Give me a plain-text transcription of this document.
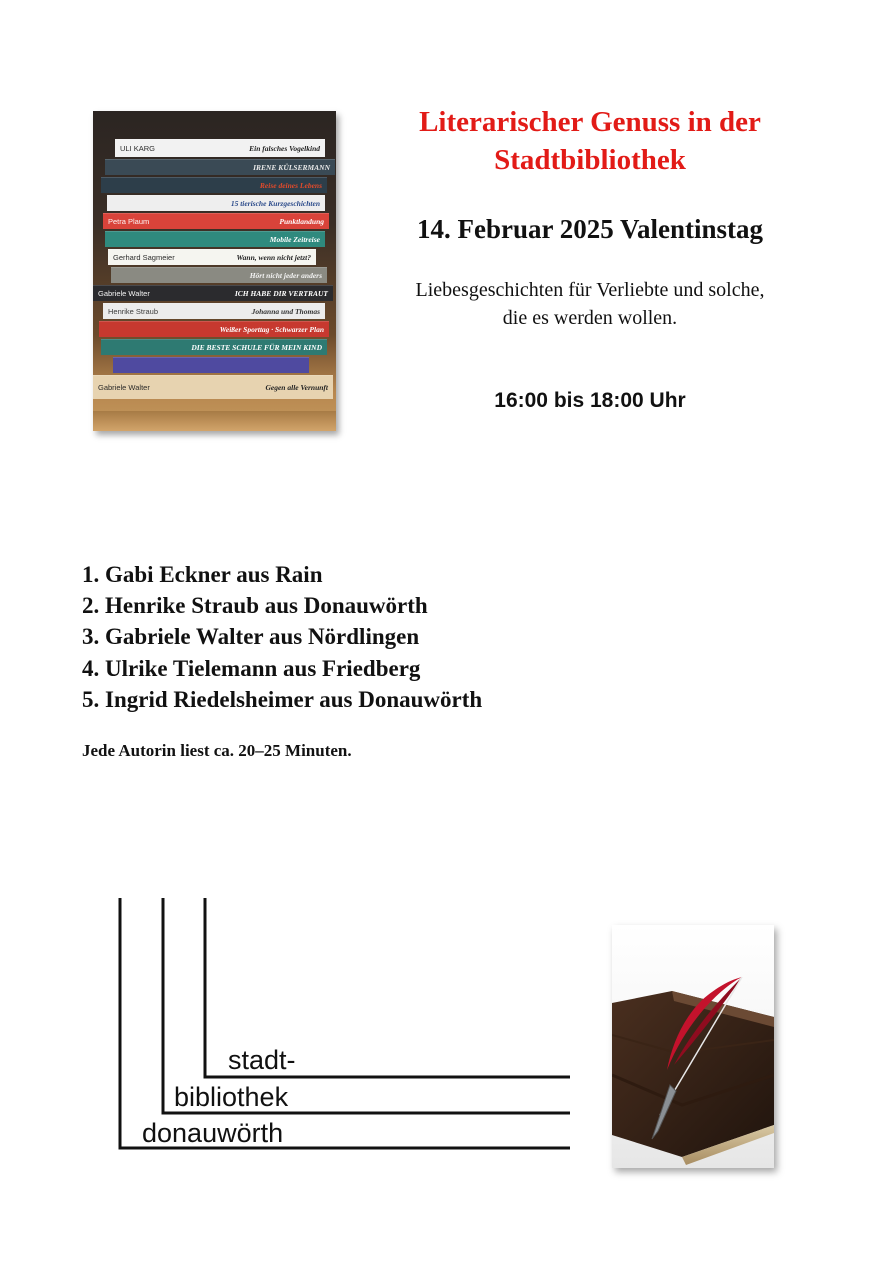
ULI KARG	Ein falsches Vogelkind
IRENE KÜLSERMANN
Reise deines Lebens
15 tierische Kurzgeschichten
Petra Plaum	Punktlandung
Mobile Zeitreise
Gerhard Sagmeier	Wann, wenn nicht jetzt?
Hört nicht jeder anders
Gabriele Walter	ICH HABE DIR VERTRAUT
Henrike Straub	Johanna und Thomas
Weißer Sporttag · Schwarzer Plan
DIE BESTE SCHULE FÜR MEIN KIND
Gabriele Walter	Gegen alle Vernunft
Literarischer Genuss in der Stadtbibliothek
14. Februar 2025 Valentinstag
Liebesgeschichten für Verliebte und solche,
die es werden wollen.
16:00 bis 18:00 Uhr
1. Gabi Eckner aus Rain
2. Henrike Straub aus Donauwörth
3. Gabriele Walter aus Nördlingen
4. Ulrike Tielemann aus Friedberg
5. Ingrid Riedelsheimer aus Donauwörth
Jede Autorin liest ca. 20–25 Minuten.
stadt-
bibliothek
donauwörth
